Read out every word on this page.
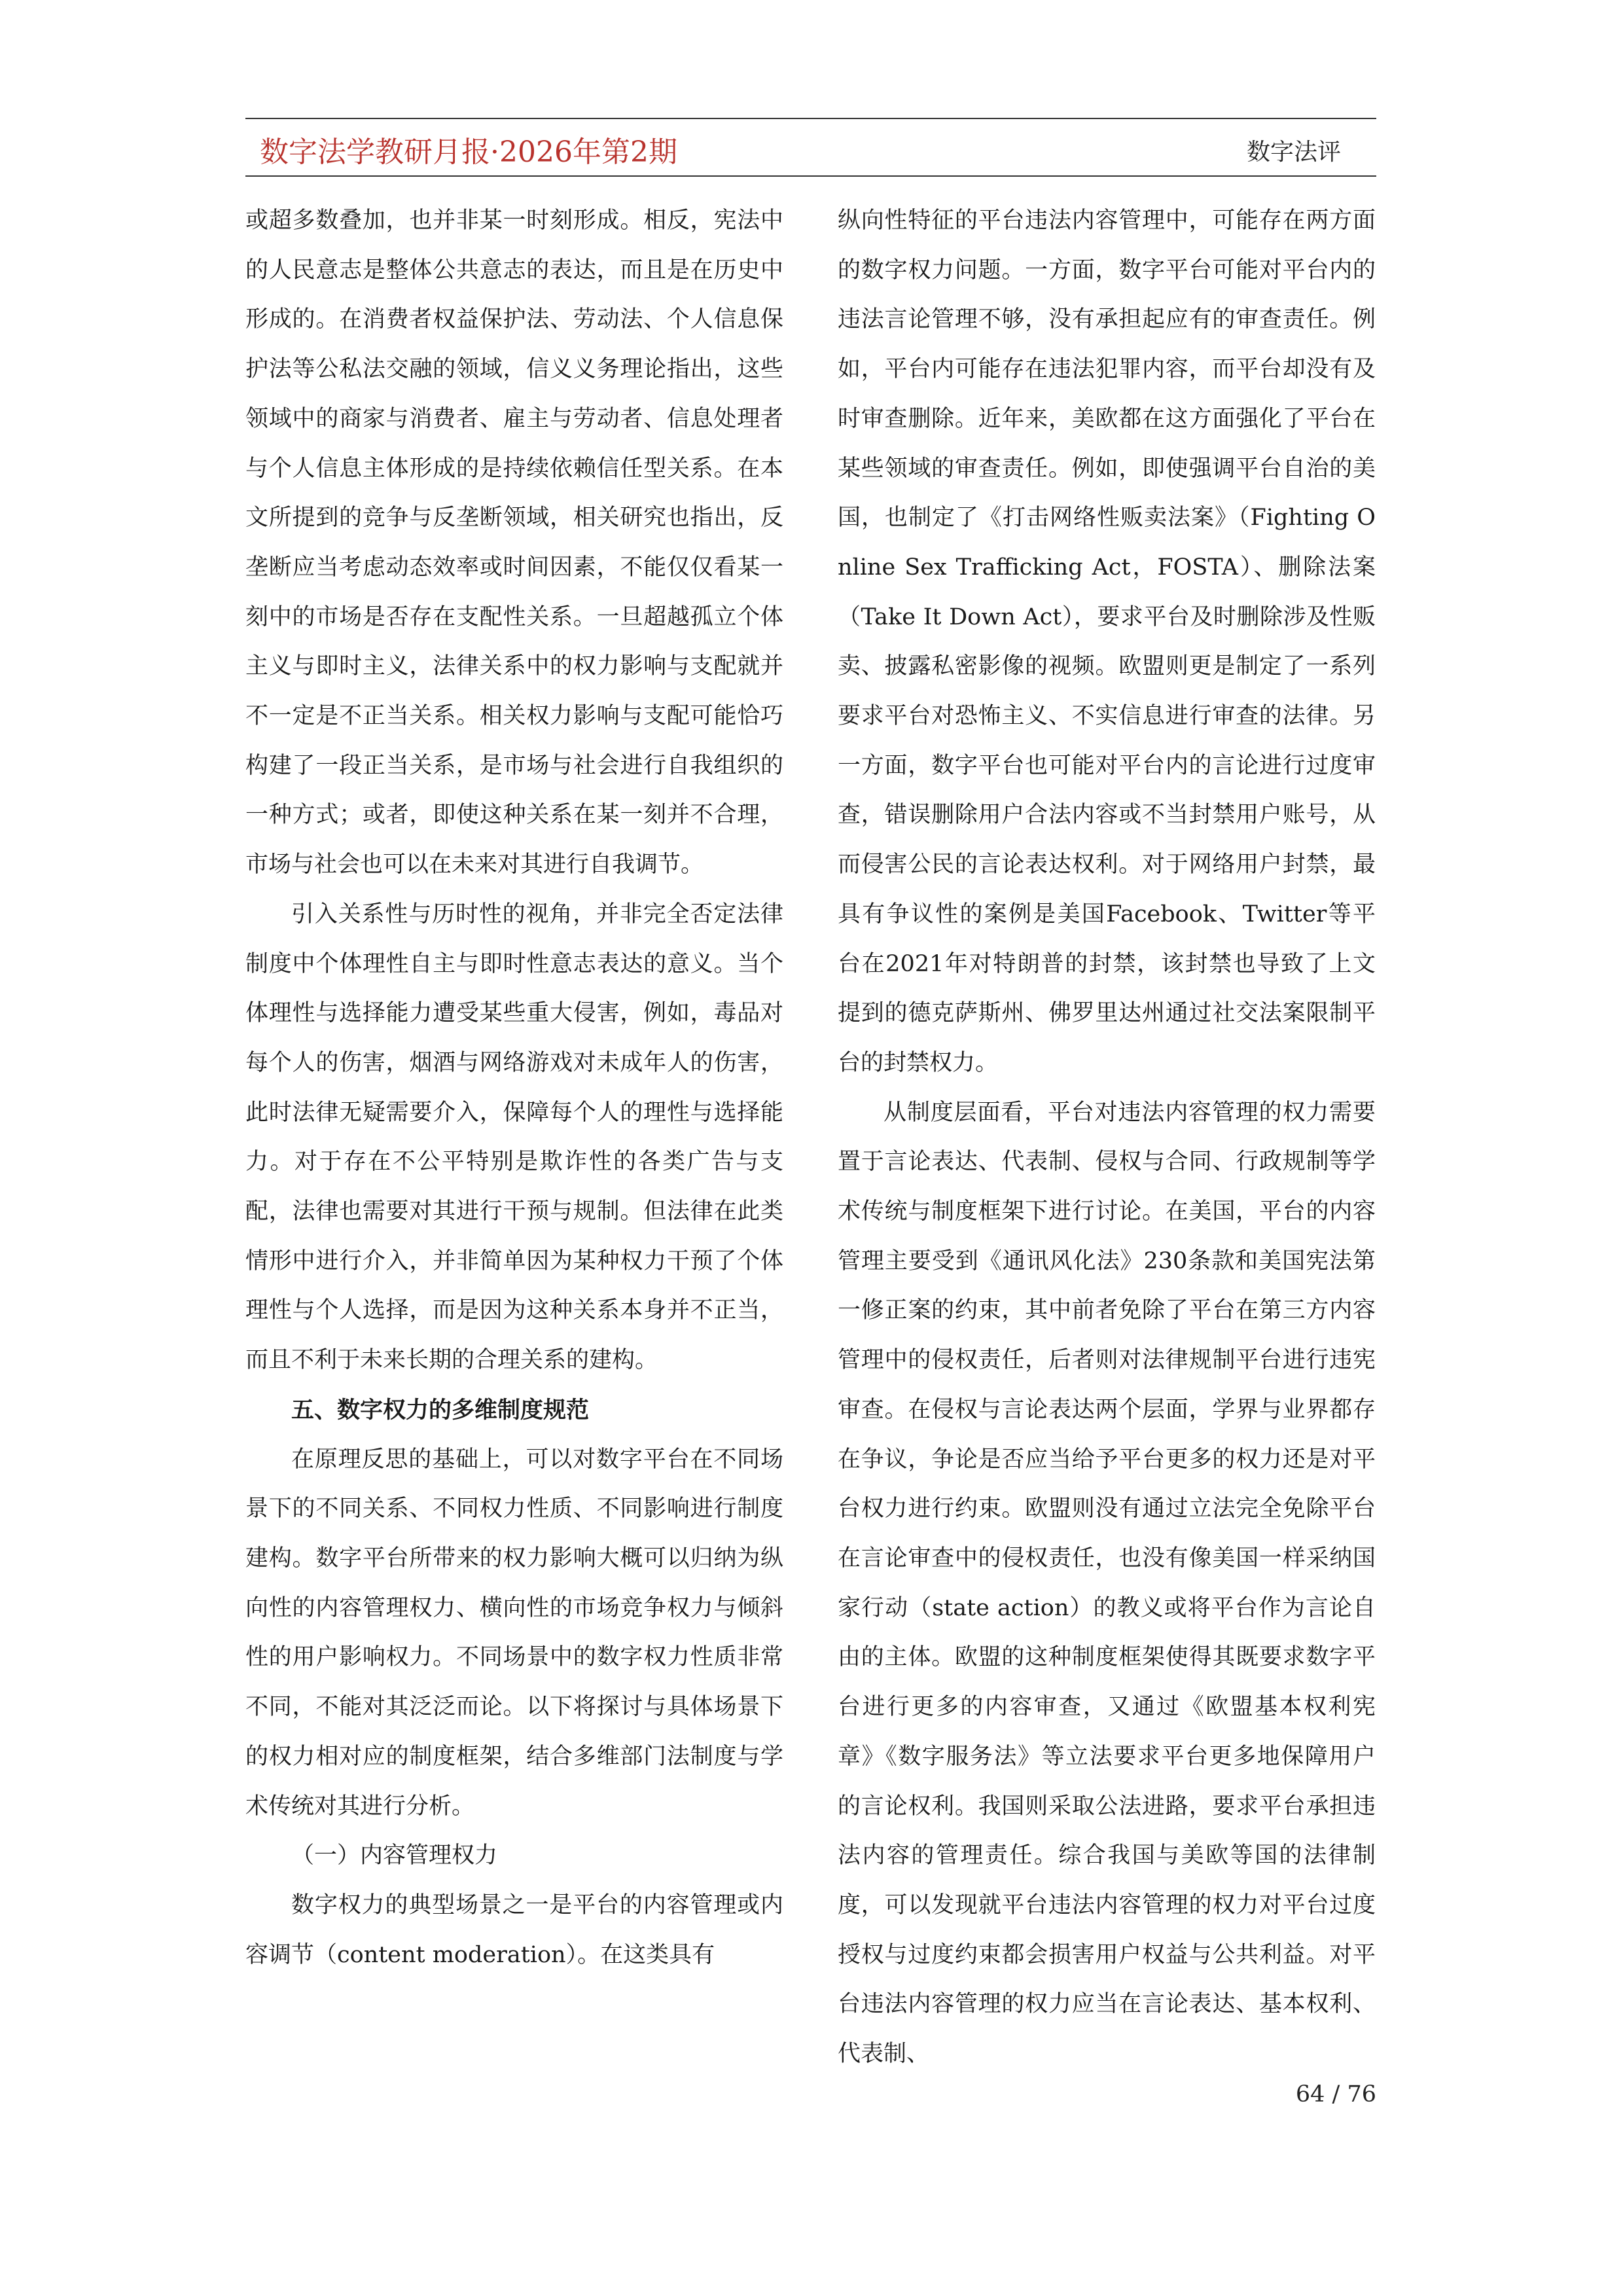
数字法学教研月报·2026年第2期	数字法评

或超多数叠加，也并非某一时刻形成。相反，宪法中的人民意志是整体公共意志的表达，而且是在历史中形成的。在消费者权益保护法、劳动法、个人信息保护法等公私法交融的领域，信义义务理论指出，这些领域中的商家与消费者、雇主与劳动者、信息处理者与个人信息主体形成的是持续依赖信任型关系。在本文所提到的竞争与反垄断领域，相关研究也指出，反垄断应当考虑动态效率或时间因素，不能仅仅看某一刻中的市场是否存在支配性关系。一旦超越孤立个体主义与即时主义，法律关系中的权力影响与支配就并不一定是不正当关系。相关权力影响与支配可能恰巧构建了一段正当关系，是市场与社会进行自我组织的一种方式；或者，即使这种关系在某一刻并不合理，市场与社会也可以在未来对其进行自我调节。

引入关系性与历时性的视角，并非完全否定法律制度中个体理性自主与即时性意志表达的意义。当个体理性与选择能力遭受某些重大侵害，例如，毒品对每个人的伤害，烟酒与网络游戏对未成年人的伤害，此时法律无疑需要介入，保障每个人的理性与选择能力。对于存在不公平特别是欺诈性的各类广告与支配，法律也需要对其进行干预与规制。但法律在此类情形中进行介入，并非简单因为某种权力干预了个体理性与个人选择，而是因为这种关系本身并不正当，而且不利于未来长期的合理关系的建构。

五、数字权力的多维制度规范

在原理反思的基础上，可以对数字平台在不同场景下的不同关系、不同权力性质、不同影响进行制度建构。数字平台所带来的权力影响大概可以归纳为纵向性的内容管理权力、横向性的市场竞争权力与倾斜性的用户影响权力。不同场景中的数字权力性质非常不同，不能对其泛泛而论。以下将探讨与具体场景下的权力相对应的制度框架，结合多维部门法制度与学术传统对其进行分析。

（一）内容管理权力

数字权力的典型场景之一是平台的内容管理或内容调节（content moderation）。在这类具有

纵向性特征的平台违法内容管理中，可能存在两方面的数字权力问题。一方面，数字平台可能对平台内的违法言论管理不够，没有承担起应有的审查责任。例如，平台内可能存在违法犯罪内容，而平台却没有及时审查删除。近年来，美欧都在这方面强化了平台在某些领域的审查责任。例如，即使强调平台自治的美国，也制定了《打击网络性贩卖法案》（Fighting Online Sex Trafficking Act，FOSTA）、删除法案（Take It Down Act），要求平台及时删除涉及性贩卖、披露私密影像的视频。欧盟则更是制定了一系列要求平台对恐怖主义、不实信息进行审查的法律。另一方面，数字平台也可能对平台内的言论进行过度审查，错误删除用户合法内容或不当封禁用户账号，从而侵害公民的言论表达权利。对于网络用户封禁，最具有争议性的案例是美国Facebook、Twitter等平台在2021年对特朗普的封禁，该封禁也导致了上文提到的德克萨斯州、佛罗里达州通过社交法案限制平台的封禁权力。

从制度层面看，平台对违法内容管理的权力需要置于言论表达、代表制、侵权与合同、行政规制等学术传统与制度框架下进行讨论。在美国，平台的内容管理主要受到《通讯风化法》230条款和美国宪法第一修正案的约束，其中前者免除了平台在第三方内容管理中的侵权责任，后者则对法律规制平台进行违宪审查。在侵权与言论表达两个层面，学界与业界都存在争议，争论是否应当给予平台更多的权力还是对平台权力进行约束。欧盟则没有通过立法完全免除平台在言论审查中的侵权责任，也没有像美国一样采纳国家行动（state action）的教义或将平台作为言论自由的主体。欧盟的这种制度框架使得其既要求数字平台进行更多的内容审查，又通过《欧盟基本权利宪章》《数字服务法》等立法要求平台更多地保障用户的言论权利。我国则采取公法进路，要求平台承担违法内容的管理责任。综合我国与美欧等国的法律制度，可以发现就平台违法内容管理的权力对平台过度授权与过度约束都会损害用户权益与公共利益。对平台违法内容管理的权力应当在言论表达、基本权利、代表制、

64 / 76
